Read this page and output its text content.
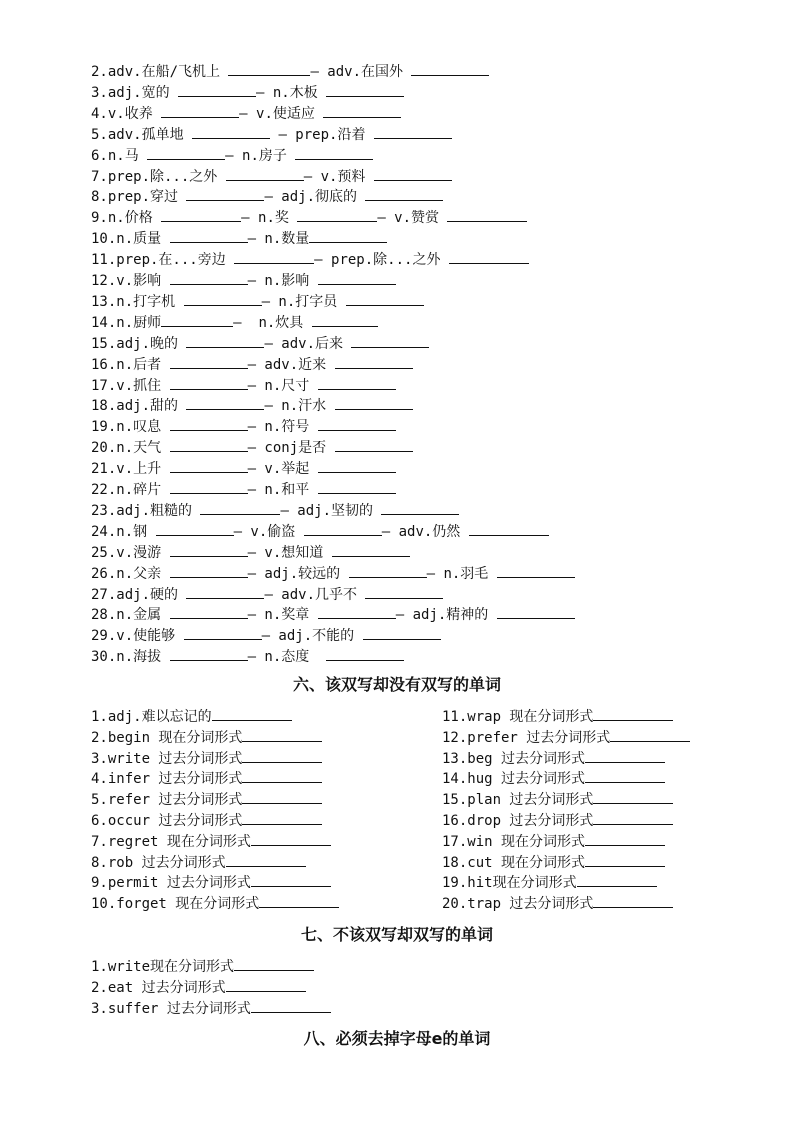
2.adv.在船/飞机上	— adv.在国外
3.adj.宽的	— n.木板
4.v.收养	— v.使适应
5.adv.孤单地	— prep.沿着
6.n.马	— n.房子
7.prep.除...之外	— v.预料
8.prep.穿过	— adj.彻底的
9.n.价格	— n.奖	— v.赞赏
10.n.质量	— n.数量
11.prep.在...旁边	— prep.除...之外
12.v.影响	— n.影响
13.n.打字机	— n.打字员
14.n.厨师	—  n.炊具
15.adj.晚的	— adv.后来
16.n.后者	— adv.近来
17.v.抓住	— n.尺寸
18.adj.甜的	— n.汗水
19.n.叹息	— n.符号
20.n.天气	— conj是否
21.v.上升	— v.举起
22.n.碎片	— n.和平
23.adj.粗糙的	— adj.坚韧的
24.n.钢	— v.偷盗	— adv.仍然
25.v.漫游	— v.想知道
26.n.父亲	— adj.较远的	— n.羽毛
27.adj.硬的	— adv.几乎不
28.n.金属	— n.奖章	— adj.精神的
29.v.使能够	— adj.不能的
30.n.海拔	— n.态度
六、该双写却没有双写的单词
1.adj.难以忘记的
2.begin 现在分词形式
3.write 过去分词形式
4.infer 过去分词形式
5.refer 过去分词形式
6.occur 过去分词形式
7.regret 现在分词形式
8.rob 过去分词形式
9.permit 过去分词形式
10.forget 现在分词形式
11.wrap 现在分词形式
12.prefer 过去分词形式
13.beg 过去分词形式
14.hug 过去分词形式
15.plan 过去分词形式
16.drop 过去分词形式
17.win 现在分词形式
18.cut 现在分词形式
19.hit现在分词形式
20.trap 过去分词形式
七、不该双写却双写的单词
1.write现在分词形式
2.eat 过去分词形式
3.suffer 过去分词形式
八、必须去掉字母e的单词
